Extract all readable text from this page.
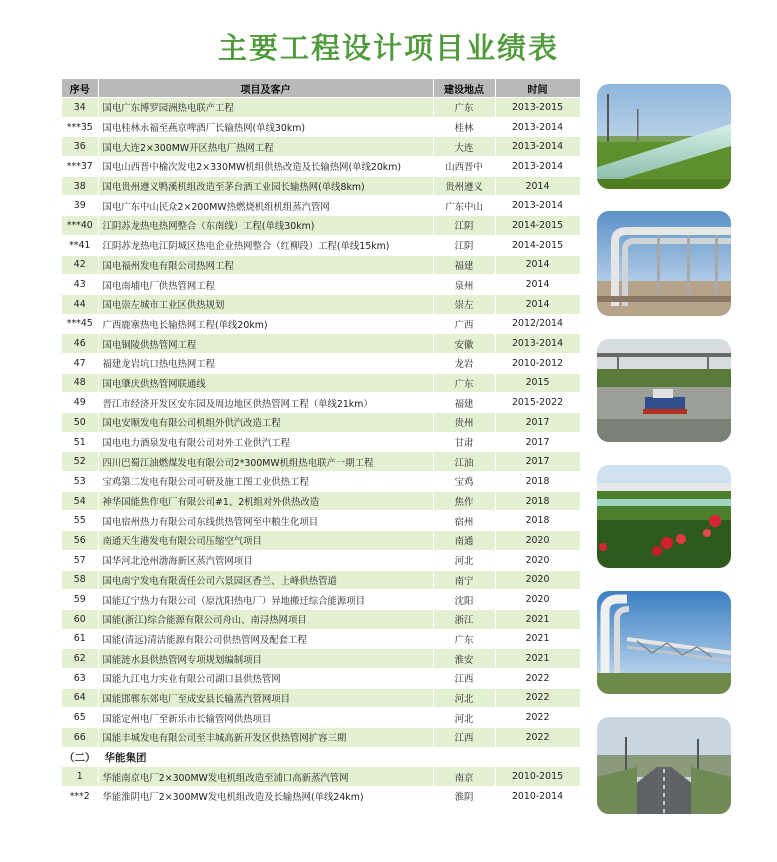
主要工程设计项目业绩表
序号	项目及客户	建设地点	时间
34	国电广东博罗园洲热电联产工程	广东	2013-2015
***35	国电桂林永福至燕京啤酒厂长输热网(单线30km)	桂林	2013-2014
36	国电大连2×300MW开区热电厂热网工程	大连	2013-2014
***37	国电山西晋中榆次发电2×330MW机组供热改造及长输热网(单线20km)	山西晋中	2013-2014
38	国电贵州遵义鸭溪机组改造至茅台酒工业园长输热网(单线8km)	贵州遵义	2014
39	国电广东中山民众2×200MW热燃烧机组机组蒸汽管网	广东中山	2013-2014
***40	江阴苏龙热电热网整合（东南线）工程(单线30km)	江阴	2014-2015
**41	江阴苏龙热电江阴城区热电企业热网整合（红柳段）工程(单线15km)	江阴	2014-2015
42	国电福州发电有限公司热网工程	福建	2014
43	国电南埔电厂供热管网工程	泉州	2014
44	国电崇左城市工业区供热规划	崇左	2014
***45	广西鹿寨热电长输热网工程(单线20km)	广西	2012/2014
46	国电铜陵供热管网工程	安徽	2013-2014
47	福建龙岩坑口热电热网工程	龙岩	2010-2012
48	国电肇庆供热管网联通线	广东	2015
49	晋江市经济开发区安东园及周边地区供热管网工程（单线21km）	福建	2015-2022
50	国电安顺发电有限公司机组外供汽改造工程	贵州	2017
51	国电电力酒泉发电有限公司对外工业供汽工程	甘肃	2017
52	四川巴蜀江油燃煤发电有限公司2*300MW机组热电联产一期工程	江油	2017
53	宝鸡第二发电有限公司可研及施工图工业供热工程	宝鸡	2018
54	神华国能焦作电厂有限公司#1、2机组对外供热改造	焦作	2018
55	国电宿州热力有限公司东线供热管网至中粮生化项目	宿州	2018
56	南通天生港发电有限公司压缩空气项目	南通	2020
57	国华河北沧州渤海新区蒸汽管网项目	河北	2020
58	国电南宁发电有限责任公司六景园区香兰、上峰供热管道	南宁	2020
59	国能辽宁热力有限公司（原沈阳热电厂）异地搬迁综合能源项目	沈阳	2020
60	国能(浙江)综合能源有限公司舟山、南浔热网项目	浙江	2021
61	国能(清远)清洁能源有限公司供热管网及配套工程	广东	2021
62	国能涟水县供热管网专项规划编制项目	淮安	2021
63	国能九江电力实业有限公司湖口县供热管网	江西	2022
64	国能邯郸东郊电厂至成安县长输蒸汽管网项目	河北	2022
65	国能定州电厂至新乐市长输管网供热项目	河北	2022
66	国能丰城发电有限公司至丰城高新开发区供热管网扩容三期	江西	2022
（二）	华能集团		
1	华能南京电厂2×300MW发电机组改造至浦口高新蒸汽管网	南京	2010-2015
***2	华能淮阴电厂2×300MW发电机组改造及长输热网(单线24km)	淮阴	2010-2014
